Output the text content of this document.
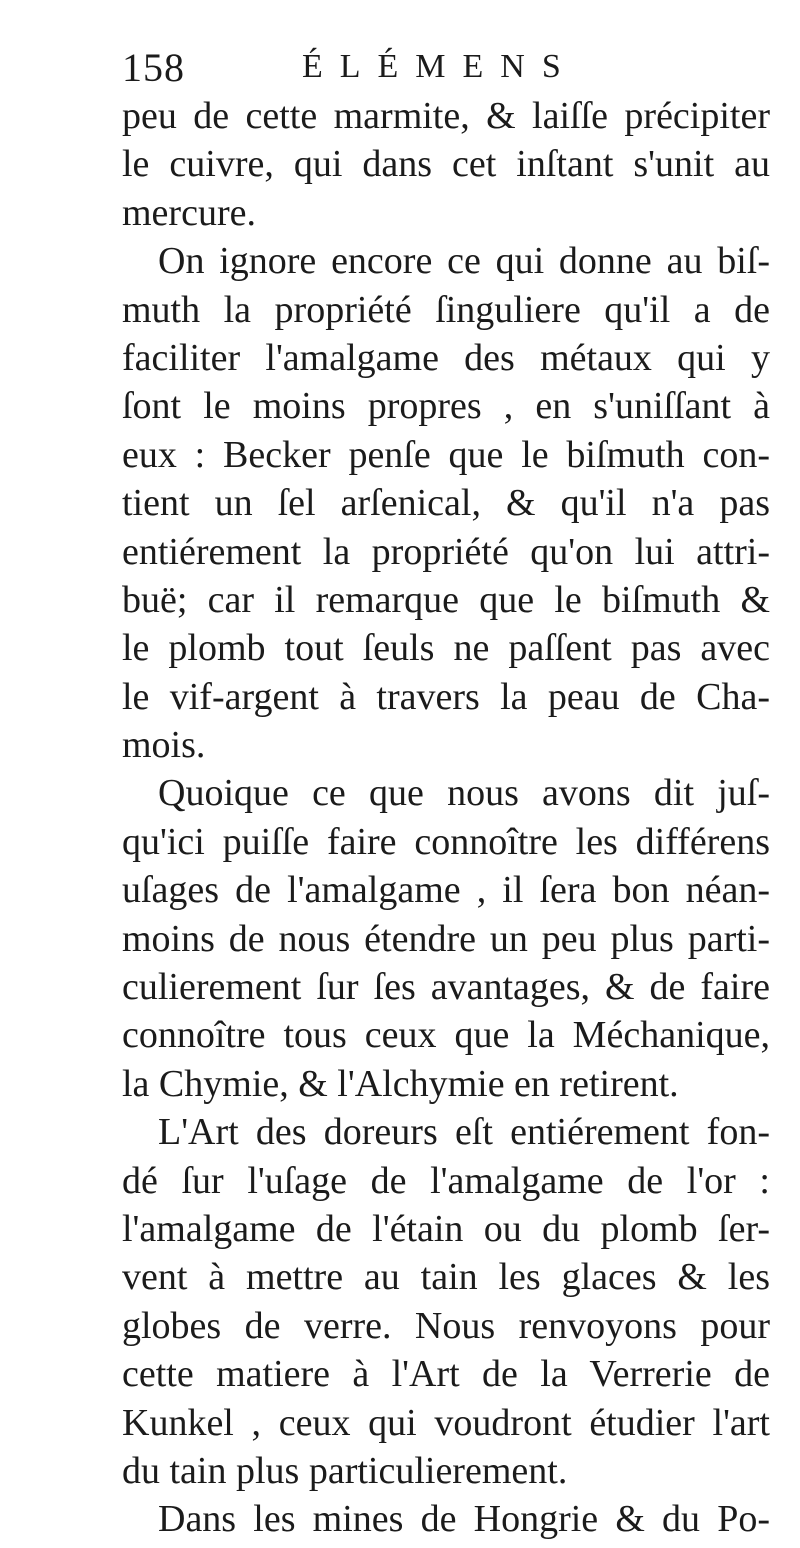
158	ÉLÉMENS
peu de cette marmite, & laiſſe précipiter
le cuivre, qui dans cet inſtant s'unit au
mercure.
On ignore encore ce qui donne au biſ-
muth la propriété ſinguliere qu'il a de
faciliter l'amalgame des métaux qui y
ſont le moins propres , en s'uniſſant à
eux : Becker penſe que le biſmuth con-
tient un ſel arſenical, & qu'il n'a pas
entiérement la propriété qu'on lui attri-
buë; car il remarque que le biſmuth &
le plomb tout ſeuls ne paſſent pas avec
le vif-argent à travers la peau de Cha-
mois.
Quoique ce que nous avons dit juſ-
qu'ici puiſſe faire connoître les différens
uſages de l'amalgame , il ſera bon néan-
moins de nous étendre un peu plus parti-
culierement ſur ſes avantages, & de faire
connoître tous ceux que la Méchanique,
la Chymie, & l'Alchymie en retirent.
L'Art des doreurs eſt entiérement fon-
dé ſur l'uſage de l'amalgame de l'or :
l'amalgame de l'étain ou du plomb ſer-
vent à mettre au tain les glaces & les
globes de verre. Nous renvoyons pour
cette matiere à l'Art de la Verrerie de
Kunkel , ceux qui voudront étudier l'art
du tain plus particulierement.
Dans les mines de Hongrie & du Po-
